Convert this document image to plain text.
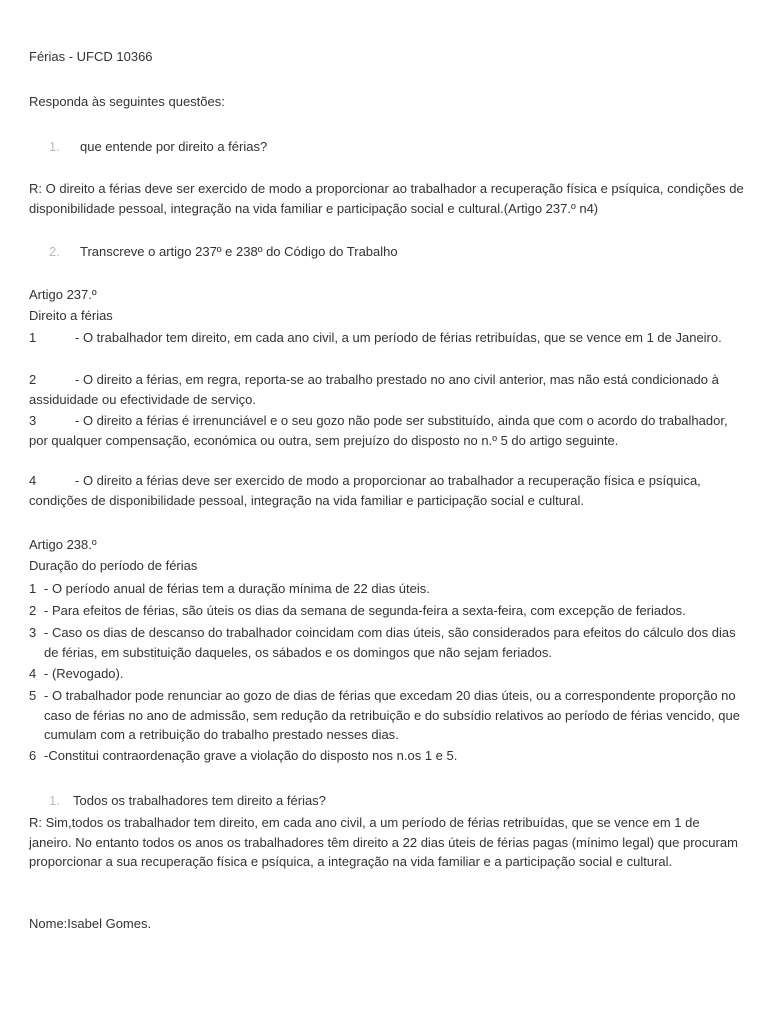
Férias - UFCD 10366

Responda às seguintes questões:

1. que entende por direito a férias?

R: O direito a férias deve ser exercido de modo a proporcionar ao trabalhador a recuperação física e psíquica, condições de disponibilidade pessoal, integração na vida familiar e participação social e cultural.(Artigo 237.º n4)

2. Transcreve o artigo 237º e 238º do Código do Trabalho

Artigo 237.º

Direito a férias

1	- O trabalhador tem direito, em cada ano civil, a um período de férias retribuídas, que se vence em 1 de Janeiro.
2	- O direito a férias, em regra, reporta-se ao trabalho prestado no ano civil anterior, mas não está condicionado à assiduidade ou efectividade de serviço.
3	- O direito a férias é irrenunciável e o seu gozo não pode ser substituído, ainda que com o acordo do trabalhador, por qualquer compensação, económica ou outra, sem prejuízo do disposto no n.º 5 do artigo seguinte.
4	- O direito a férias deve ser exercido de modo a proporcionar ao trabalhador a recuperação física e psíquica, condições de disponibilidade pessoal, integração na vida familiar e participação social e cultural.

Artigo 238.º

Duração do período de férias

1 - O período anual de férias tem a duração mínima de 22 dias úteis.
2 - Para efeitos de férias, são úteis os dias da semana de segunda-feira a sexta-feira, com excepção de feriados.
3 - Caso os dias de descanso do trabalhador coincidam com dias úteis, são considerados para efeitos do cálculo dos dias de férias, em substituição daqueles, os sábados e os domingos que não sejam feriados.
4 - (Revogado).
5 - O trabalhador pode renunciar ao gozo de dias de férias que excedam 20 dias úteis, ou a correspondente proporção no caso de férias no ano de admissão, sem redução da retribuição e do subsídio relativos ao período de férias vencido, que cumulam com a retribuição do trabalho prestado nesses dias.
6 -Constitui contraordenação grave a violação do disposto nos n.os 1 e 5.
1. Todos os trabalhadores tem direito a férias?

R: Sim,todos os trabalhador tem direito, em cada ano civil, a um período de férias retribuídas, que se vence em 1 de janeiro. No entanto todos os anos os trabalhadores têm direito a 22 dias úteis de férias pagas (mínimo legal) que procuram proporcionar a sua recuperação física e psíquica, a integração na vida familiar e a participação social e cultural.

Nome:Isabel Gomes.
